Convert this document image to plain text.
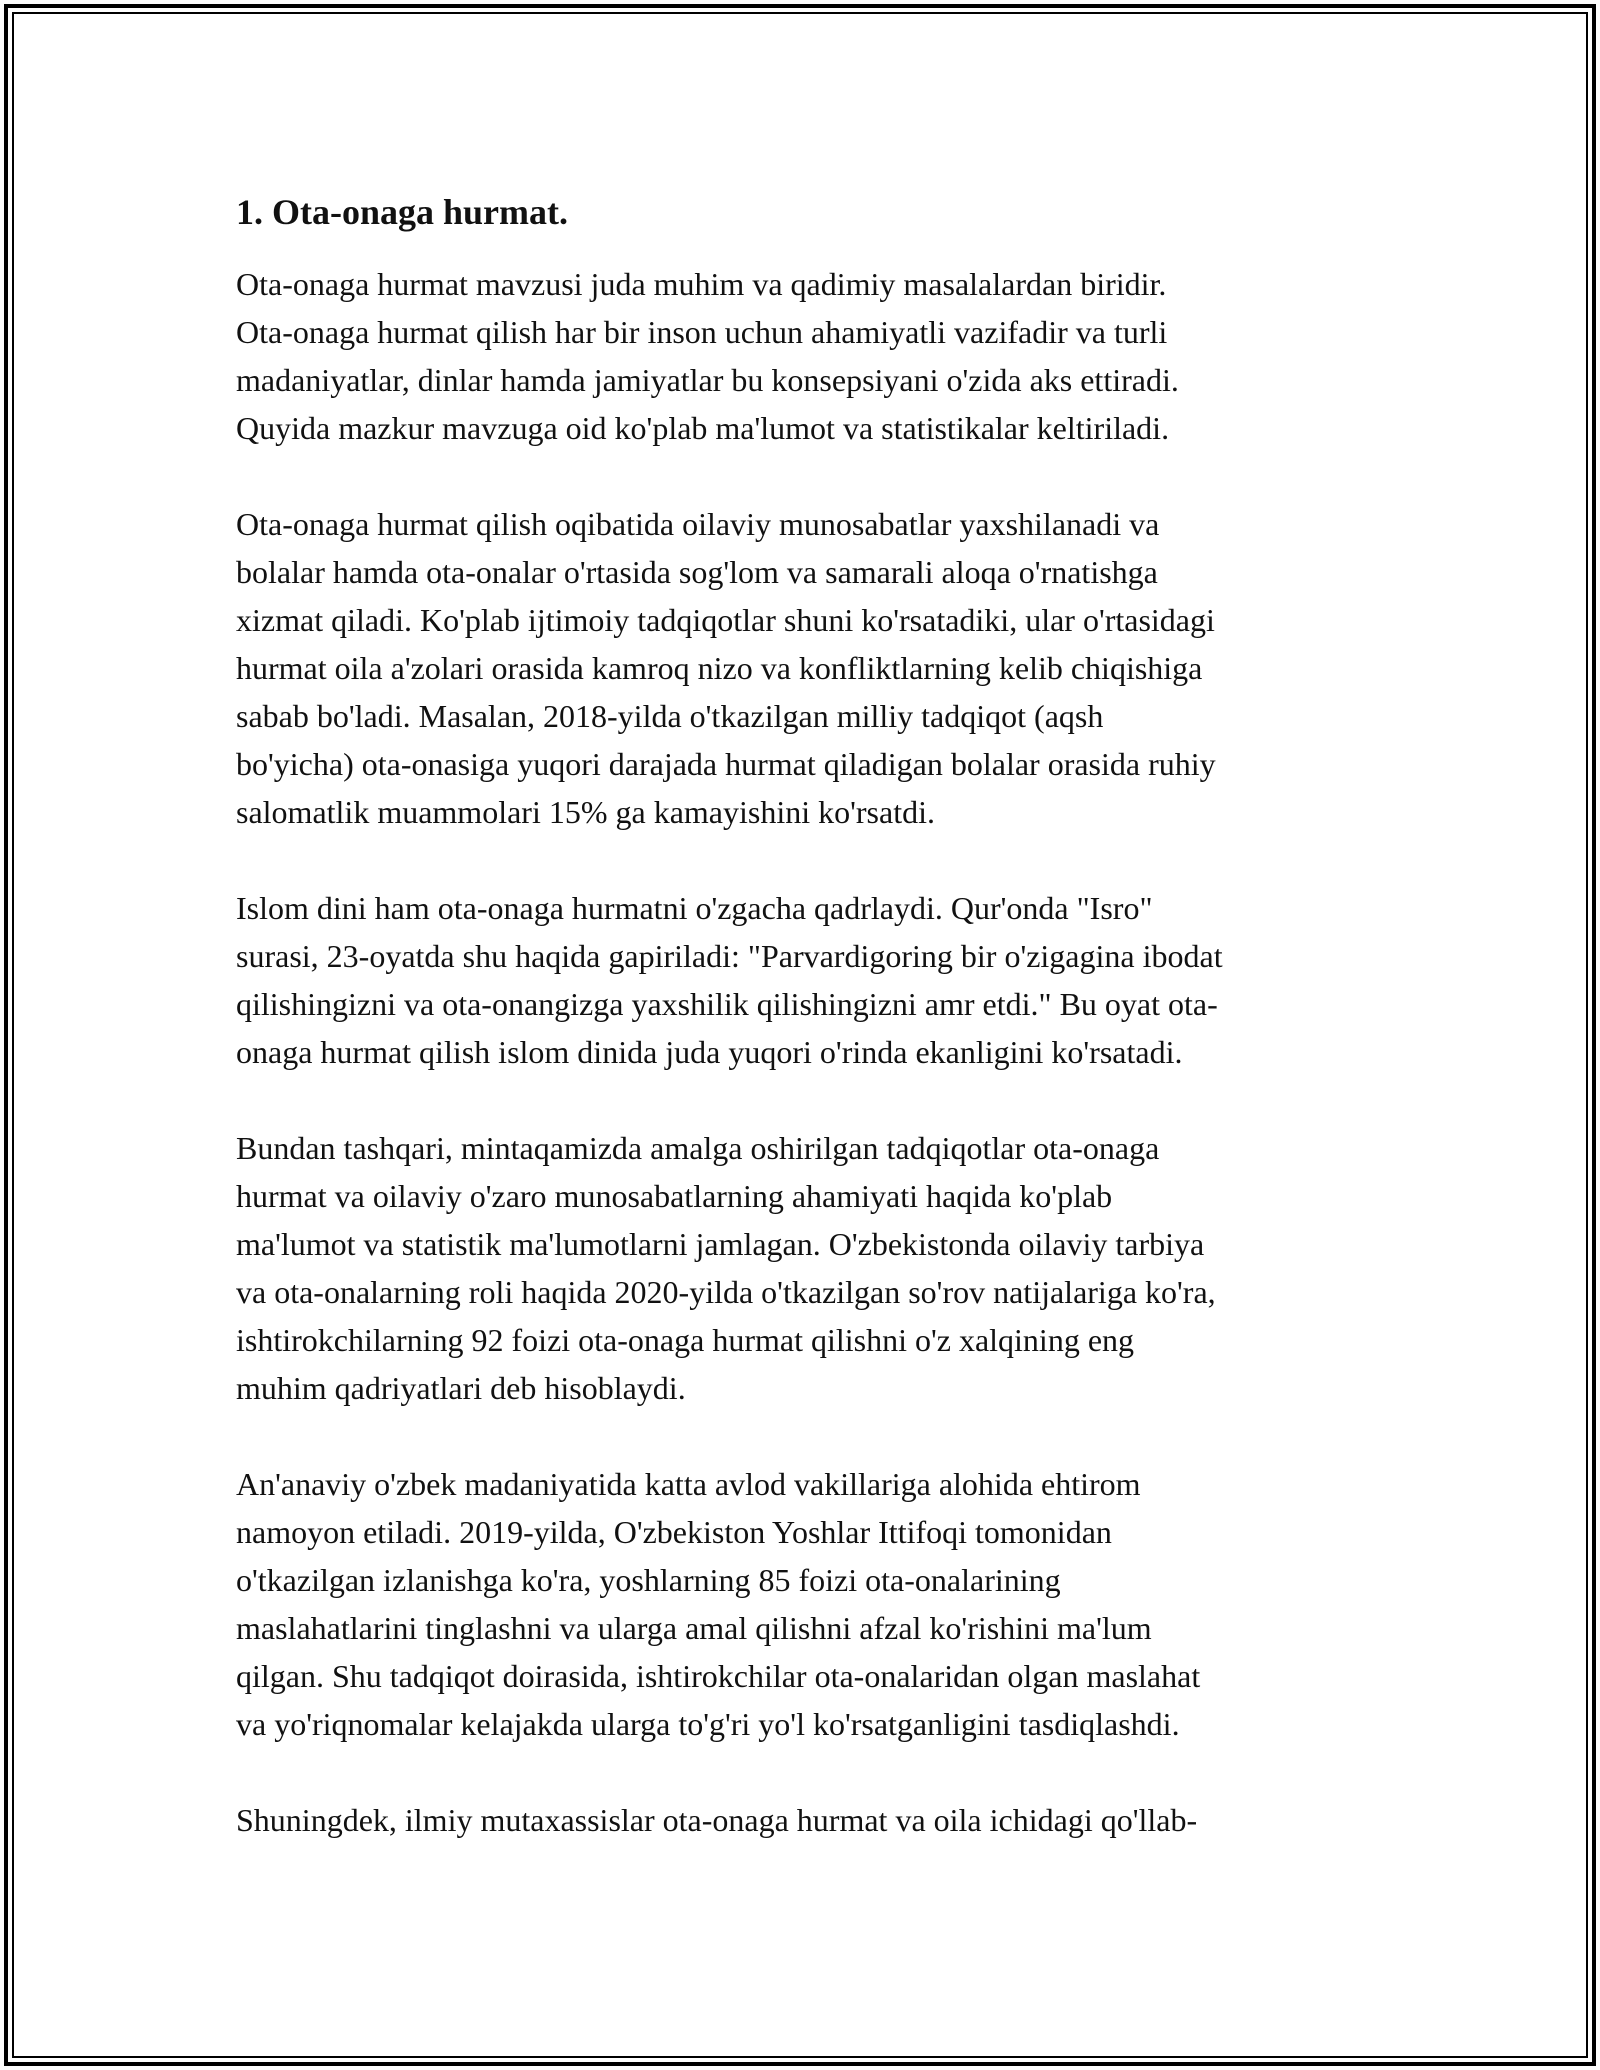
1. Ota-onaga hurmat.

Ota-onaga hurmat mavzusi juda muhim va qadimiy masalalardan biridir.
Ota-onaga hurmat qilish har bir inson uchun ahamiyatli vazifadir va turli
madaniyatlar, dinlar hamda jamiyatlar bu konsepsiyani o'zida aks ettiradi.
Quyida mazkur mavzuga oid ko'plab ma'lumot va statistikalar keltiriladi.

Ota-onaga hurmat qilish oqibatida oilaviy munosabatlar yaxshilanadi va
bolalar hamda ota-onalar o'rtasida sog'lom va samarali aloqa o'rnatishga
xizmat qiladi. Ko'plab ijtimoiy tadqiqotlar shuni ko'rsatadiki, ular o'rtasidagi
hurmat oila a'zolari orasida kamroq nizo va konfliktlarning kelib chiqishiga
sabab bo'ladi. Masalan, 2018-yilda o'tkazilgan milliy tadqiqot (aqsh
bo'yicha) ota-onasiga yuqori darajada hurmat qiladigan bolalar orasida ruhiy
salomatlik muammolari 15% ga kamayishini ko'rsatdi.

Islom dini ham ota-onaga hurmatni o'zgacha qadrlaydi. Qur'onda "Isro"
surasi, 23-oyatda shu haqida gapiriladi: "Parvardigoring bir o'zigagina ibodat
qilishingizni va ota-onangizga yaxshilik qilishingizni amr etdi." Bu oyat ota-
onaga hurmat qilish islom dinida juda yuqori o'rinda ekanligini ko'rsatadi.

Bundan tashqari, mintaqamizda amalga oshirilgan tadqiqotlar ota-onaga
hurmat va oilaviy o'zaro munosabatlarning ahamiyati haqida ko'plab
ma'lumot va statistik ma'lumotlarni jamlagan. O'zbekistonda oilaviy tarbiya
va ota-onalarning roli haqida 2020-yilda o'tkazilgan so'rov natijalariga ko'ra,
ishtirokchilarning 92 foizi ota-onaga hurmat qilishni o'z xalqining eng
muhim qadriyatlari deb hisoblaydi.

An'anaviy o'zbek madaniyatida katta avlod vakillariga alohida ehtirom
namoyon etiladi. 2019-yilda, O'zbekiston Yoshlar Ittifoqi tomonidan
o'tkazilgan izlanishga ko'ra, yoshlarning 85 foizi ota-onalarining
maslahatlarini tinglashni va ularga amal qilishni afzal ko'rishini ma'lum
qilgan. Shu tadqiqot doirasida, ishtirokchilar ota-onalaridan olgan maslahat
va yo'riqnomalar kelajakda ularga to'g'ri yo'l ko'rsatganligini tasdiqlashdi.

Shuningdek, ilmiy mutaxassislar ota-onaga hurmat va oila ichidagi qo'llab-
